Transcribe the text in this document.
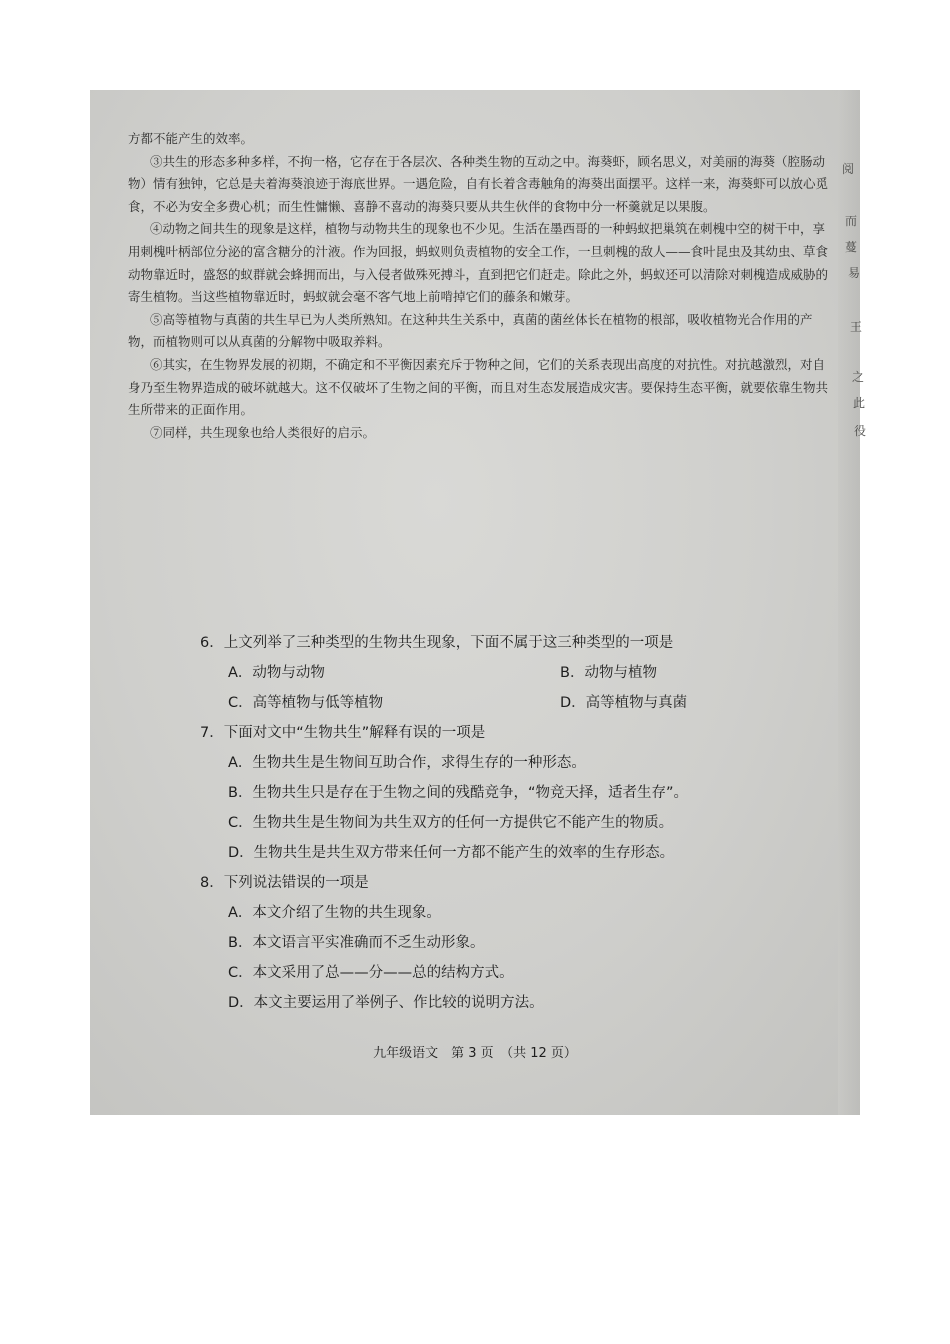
阅
而
蔓
易
王
之
此
役

方都不能产生的效率。

③共生的形态多种多样，不拘一格，它存在于各层次、各种类生物的互动之中。海葵虾，顾名思义，对美丽的海葵（腔肠动物）情有独钟，它总是夫着海葵浪迹于海底世界。一遇危险，自有长着含毒触角的海葵出面摆平。这样一来，海葵虾可以放心觅食，不必为安全多费心机；而生性慵懒、喜静不喜动的海葵只要从共生伙伴的食物中分一杯羹就足以果腹。

④动物之间共生的现象是这样，植物与动物共生的现象也不少见。生活在墨西哥的一种蚂蚁把巢筑在刺槐中空的树干中，享用刺槐叶柄部位分泌的富含糖分的汁液。作为回报，蚂蚁则负责植物的安全工作，一旦刺槐的敌人——食叶昆虫及其幼虫、草食动物靠近时，盛怒的蚁群就会蜂拥而出，与入侵者做殊死搏斗，直到把它们赶走。除此之外，蚂蚁还可以清除对刺槐造成威胁的寄生植物。当这些植物靠近时，蚂蚁就会毫不客气地上前啃掉它们的藤条和嫩芽。

⑤高等植物与真菌的共生早已为人类所熟知。在这种共生关系中，真菌的菌丝体长在植物的根部，吸收植物光合作用的产物，而植物则可以从真菌的分解物中吸取养料。

⑥其实，在生物界发展的初期，不确定和不平衡因素充斥于物种之间，它们的关系表现出高度的对抗性。对抗越激烈，对自身乃至生物界造成的破坏就越大。这不仅破坏了生物之间的平衡，而且对生态发展造成灾害。要保持生态平衡，就要依靠生物共生所带来的正面作用。

⑦同样，共生现象也给人类很好的启示。

6．上文列举了三种类型的生物共生现象，下面不属于这三种类型的一项是
A．动物与动物	B．动物与植物
C．高等植物与低等植物	D．高等植物与真菌
7．下面对文中“生物共生”解释有误的一项是
A．生物共生是生物间互助合作，求得生存的一种形态。
B．生物共生只是存在于生物之间的残酷竞争，“物竞天择，适者生存”。
C．生物共生是生物间为共生双方的任何一方提供它不能产生的物质。
D．生物共生是共生双方带来任何一方都不能产生的效率的生存形态。
8．下列说法错误的一项是
A．本文介绍了生物的共生现象。
B．本文语言平实准确而不乏生动形象。
C．本文采用了总——分——总的结构方式。
D．本文主要运用了举例子、作比较的说明方法。
九年级语文　第 3 页　（共 12 页）
